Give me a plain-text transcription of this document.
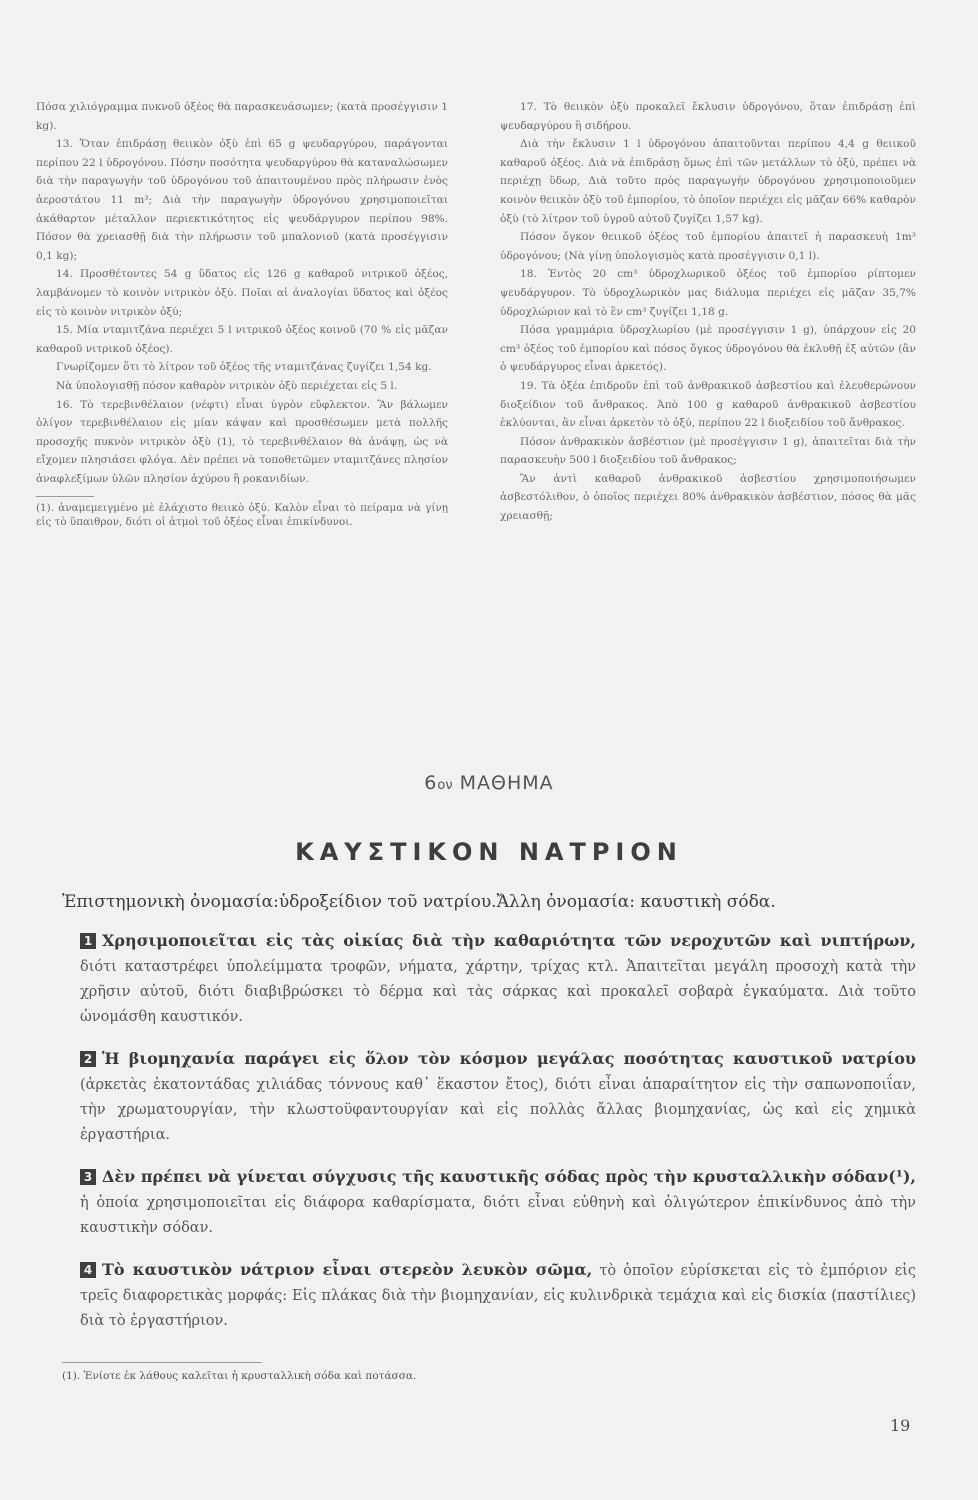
Πόσα χιλιόγραμμα πυκνοῦ ὀξέος θὰ παρασκευάσωμεν; (κατὰ προσέγγισιν 1 kg).

13. Ὅταν ἐπιδράσῃ θειικὸν ὀξὺ ἐπὶ 65 g ψευδαργύρου, παράγονται περίπου 22 l ὑδρογόνου. Πόσην ποσότητα ψευδαργύρου θὰ καταναλώσωμεν διὰ τὴν παραγωγὴν τοῦ ὑδρογόνου τοῦ ἀπαιτουμένου πρὸς πλήρωσιν ἑνὸς ἀεροστάτου 11 m³; Διὰ τὴν παραγωγὴν ὑδρογόνου χρησιμοποιεῖται ἀκάθαρτον μέταλλον περιεκτικότητος εἰς ψευδάργυρον περίπου 98%. Πόσον θὰ χρειασθῇ διὰ τὴν πλήρωσιν τοῦ μπαλονιοῦ (κατὰ προσέγγισιν 0,1 kg);

14. Προσθέτοντες 54 g ὕδατος εἰς 126 g καθαροῦ νιτρικοῦ ὀξέος, λαμβάνομεν τὸ κοινὸν νιτρικὸν ὀξύ. Ποῖαι αἱ ἀναλογίαι ὕδατος καὶ ὀξέος εἰς τὸ κοινὸν νιτρικὸν ὀξύ;

15. Μία νταμιτζάνα περιέχει 5 l νιτρικοῦ ὀξέος κοινοῦ (70 % εἰς μᾶζαν καθαροῦ νιτρικοῦ ὀξέος).

Γνωρίζομεν ὅτι τὸ λίτρον τοῦ ὀξέος τῆς νταμιτζάνας ζυγίζει 1,54 kg.

Νὰ ὑπολογισθῇ πόσον καθαρὸν νιτρικὸν ὀξὺ περιέχεται εἰς 5 l.

16. Τὸ τερεβινθέλαιον (νέφτι) εἶναι ὑγρὸν εὔφλεκτον. Ἂν βάλωμεν ὀλίγον τερεβινθέλαιον εἰς μίαν κάψαν καὶ προσθέσωμεν μετὰ πολλῆς προσοχῆς πυκνὸν νιτρικὸν ὀξὺ (1), τὸ τερεβινθέλαιον θὰ ἀνάψῃ, ὡς νὰ εἴχομεν πλησιάσει φλόγα. Δὲν πρέπει νὰ τοποθετῶμεν νταμιτζάνες πλησίον ἀναφλεξίμων ὑλῶν πλησίον ἀχύρου ἢ ροκανιδίων.

(1). ἀναμεμειγμένο μὲ ἐλάχιστο θειικὸ ὀξύ. Καλὸν εἶναι τὸ πείραμα νὰ γίνῃ εἰς τὸ ὕπαιθρον, διότι οἱ ἀτμοὶ τοῦ ὀξέος εἶναι ἐπικίνδυνοι.

17. Τὸ θειικὸν ὀξὺ προκαλεῖ ἔκλυσιν ὑδρογόνου, ὅταν ἐπιδράσῃ ἐπὶ ψευδαργύρου ἢ σιδήρου.

Διὰ τὴν ἔκλυσιν 1 l ὑδρογόνου ἀπαιτοῦνται περίπου 4,4 g θειικοῦ καθαροῦ ὀξέος. Διὰ νὰ ἐπιδράσῃ ὅμως ἐπὶ τῶν μετάλλων τὸ ὀξύ, πρέπει νὰ περιέχῃ ὕδωρ, Διὰ τοῦτο πρὸς παραγωγὴν ὑδρογόνου χρησιμοποιοῦμεν κοινὸν θειικὸν ὀξὺ τοῦ ἐμπορίου, τὸ ὁποῖον περιέχει εἰς μᾶζαν 66% καθαρὸν ὀξὺ (τὸ λίτρον τοῦ ὑγροῦ αὐτοῦ ζυγίζει 1,57 kg).

Πόσον ὄγκον θειικοῦ ὀξέος τοῦ ἐμπορίου ἀπαιτεῖ ἡ παρασκευὴ 1m³ ὑδρογόνου; (Νὰ γίνῃ ὑπολογισμὸς κατὰ προσέγγισιν 0,1 l).

18. Ἐντὸς 20 cm³ ὑδροχλωρικοῦ ὀξέος τοῦ ἐμπορίου ρίπτομεν ψευδάργυρον. Τὸ ὑδροχλωρικὸν μας διάλυμα περιέχει εἰς μᾶζαν 35,7% ὑδροχλώριον καὶ τὸ ἓν cm³ ζυγίζει 1,18 g.

Πόσα γραμμάρια ὑδροχλωρίου (μὲ προσέγγισιν 1 g), ὑπάρχουν εἰς 20 cm³ ὀξέος τοῦ ἐμπορίου καὶ πόσος ὄγκος ὑδρογόνου θὰ ἐκλυθῇ ἐξ αὐτῶν (ἂν ὁ ψευδάργυρος εἶναι ἀρκετός).

19. Τὰ ὀξέα ἐπιδροῦν ἐπὶ τοῦ ἀνθρακικοῦ ἀσβεστίου καὶ ἐλευθερώνουν διοξείδιον τοῦ ἄνθρακος. Ἀπὸ 100 g καθαροῦ ἀνθρακικοῦ ἀσβεστίου ἐκλύονται, ἂν εἶναι ἀρκετὸν τὸ ὀξύ, περίπου 22 l διοξειδίου τοῦ ἄνθρακος.

Πόσον ἀνθρακικὸν ἀσβέστιον (μὲ προσέγγισιν 1 g), ἀπαιτεῖται διὰ τὴν παρασκευὴν 500 l διοξειδίου τοῦ ἄνθρακος;

Ἂν ἀντὶ καθαροῦ ἀνθρακικοῦ ἀσβεστίου χρησιμοποιήσωμεν ἀσβεστόλιθον, ὁ ὁποῖος περιέχει 80% ἀνθρακικὸν ἀσβέστιον, πόσος θὰ μᾶς χρειασθῇ;

6ον ΜΑΘΗΜΑ
ΚΑΥΣΤΙΚΟΝ ΝΑΤΡΙΟΝ
Ἐπιστημονικὴ ὀνομασία:ὑδροξείδιον τοῦ νατρίου.Ἄλλη ὀνομασία: καυστικὴ σόδα.

1 Χρησιμοποιεῖται εἰς τὰς οἰκίας διὰ τὴν καθαριότητα τῶν νεροχυτῶν καὶ νιπτήρων, διότι καταστρέφει ὑπολείμματα τροφῶν, νήματα, χάρτην, τρίχας κτλ. Ἀπαιτεῖται μεγάλη προσοχὴ κατὰ τὴν χρῆσιν αὐτοῦ, διότι διαβιβρώσκει τὸ δέρμα καὶ τὰς σάρκας καὶ προκαλεῖ σοβαρὰ ἐγκαύματα. Διὰ τοῦτο ὠνομάσθη καυστικόν.

2 Ἡ βιομηχανία παράγει εἰς ὅλον τὸν κόσμον μεγάλας ποσότητας καυστικοῦ νατρίου (ἀρκετὰς ἑκατοντάδας χιλιάδας τόννους καθ᾽ ἕκαστον ἔτος), διότι εἶναι ἀπαραίτητον εἰς τὴν σαπωνοποιΐαν, τὴν χρωματουργίαν, τὴν κλωστοϋφαντουργίαν καὶ εἰς πολλὰς ἄλλας βιομηχανίας, ὡς καὶ εἰς χημικὰ ἐργαστήρια.

3 Δὲν πρέπει νὰ γίνεται σύγχυσις τῆς καυστικῆς σόδας πρὸς τὴν κρυσταλλικὴν σόδαν(¹), ἡ ὁποία χρησιμοποιεῖται εἰς διάφορα καθαρίσματα, διότι εἶναι εὐθηνὴ καὶ ὀλιγώτερον ἐπικίνδυνος ἀπὸ τὴν καυστικὴν σόδαν.

4 Τὸ καυστικὸν νάτριον εἶναι στερεὸν λευκὸν σῶμα, τὸ ὁποῖον εὑρίσκεται εἰς τὸ ἐμπόριον εἰς τρεῖς διαφορετικὰς μορφάς: Εἰς πλάκας διὰ τὴν βιομηχανίαν, εἰς κυλινδρικὰ τεμάχια καὶ εἰς δισκία (παστίλιες) διὰ τὸ ἐργαστήριον.

(1). Ἐνίοτε ἐκ λάθους καλεῖται ἡ κρυσταλλικὴ σόδα καὶ ποτάσσα.
19
